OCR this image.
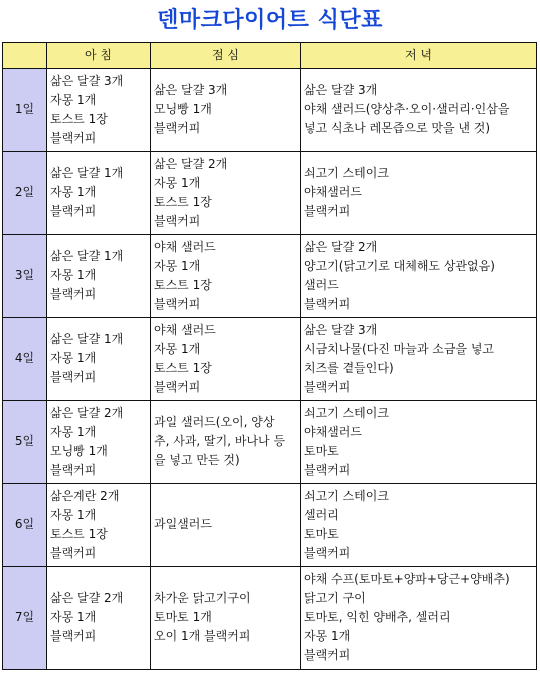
덴마크다이어트 식단표
	아 침	점 심	저 녁
1일	삶은 달걀 3개
자몽 1개
토스트 1장
블랙커피	삶은 달걀 3개
모닝빵 1개
블랙커피	삶은 달걀 3개
야채 샐러드(양상추·오이·샐러리·인삼을
넣고 식초나 레몬즙으로 맛을 낸 것)

2일	삶은 달걀 1개
자몽 1개
블랙커피	삶은 달걀 2개
자몽 1개
토스트 1장
블랙커피	쇠고기 스테이크
야채샐러드
블랙커피

3일	삶은 달걀 1개
자몽 1개
블랙커피	야채 샐러드
자몽 1개
토스트 1장
블랙커피	삶은 달걀 2개
양고기(닭고기로 대체해도 상관없음)
샐러드
블랙커피

4일	삶은 달걀 1개
자몽 1개
블랙커피	야채 샐러드
자몽 1개
토스트 1장
블랙커피	삶은 달걀 3개
시금치나물(다진 마늘과 소금을 넣고
치즈를 곁들인다)
블랙커피

5일	삶은 달걀 2개
자몽 1개
모닝빵 1개
블랙커피	과일 샐러드(오이, 양상
추, 사과, 딸기, 바나나 등
을 넣고 만든 것)	쇠고기 스테이크
야채샐러드
토마토
블랙커피

6일	삶은계란 2개
자몽 1개
토스트 1장
블랙커피	과일샐러드	쇠고기 스테이크
셀러리
토마토
블랙커피

7일	삶은 달걀 2개
자몽 1개
블랙커피	차가운 닭고기구이
토마토 1개
오이 1개 블랙커피	야채 수프(토마토+양파+당근+양배추)
닭고기 구이
토마토, 익힌 양배추, 셀러리
자몽 1개
블랙커피
